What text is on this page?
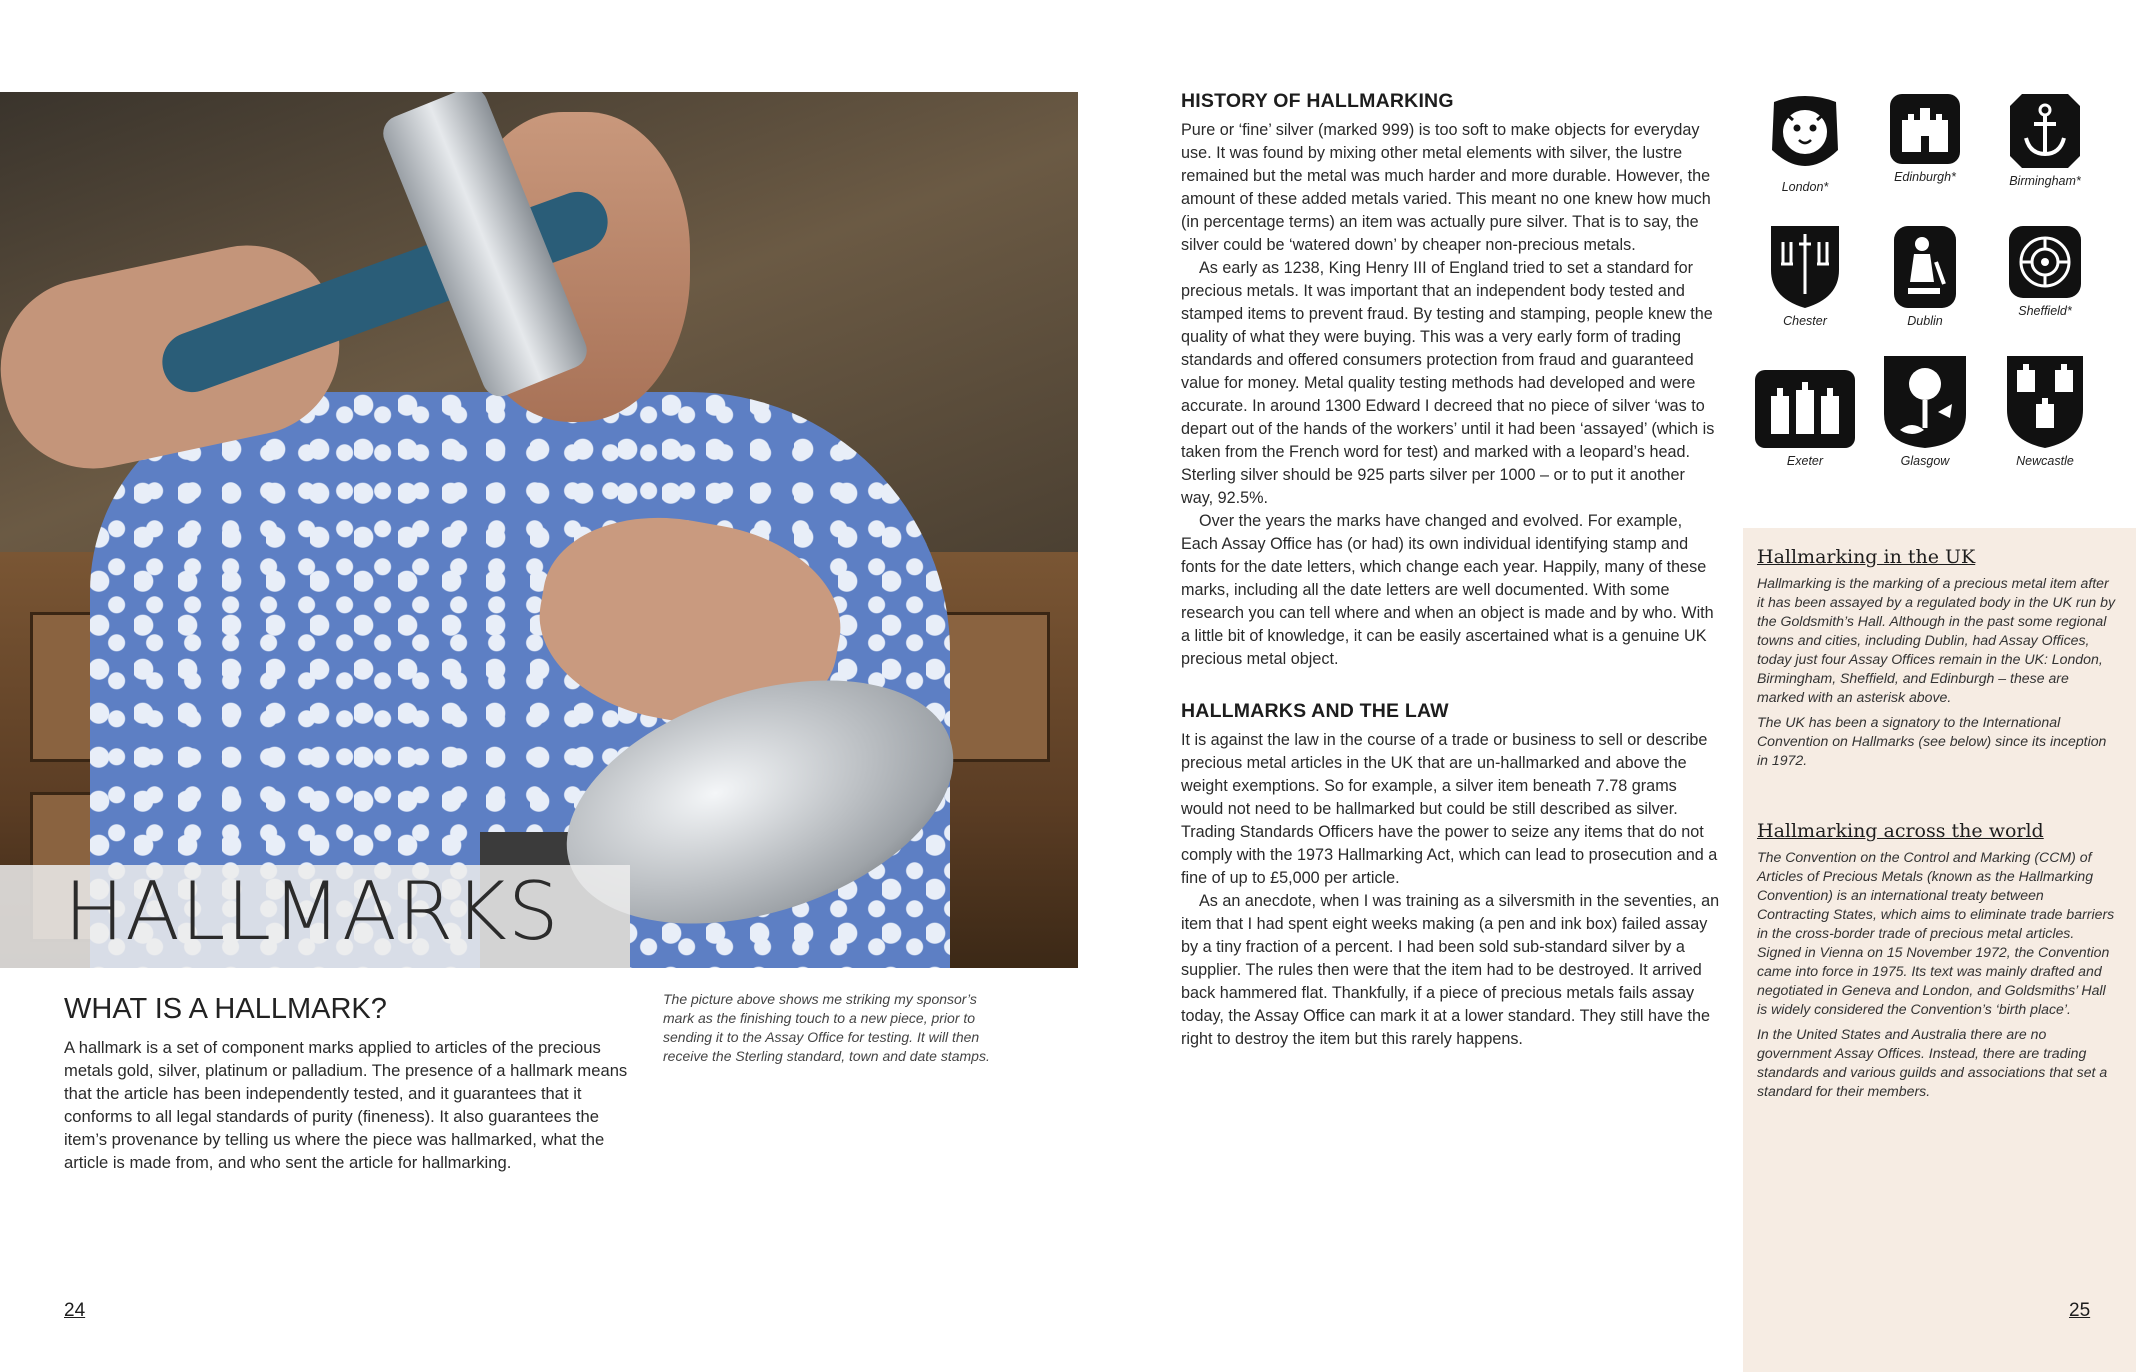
HALLMARKS
WHAT IS A HALLMARK?

A hallmark is a set of component marks applied to articles of the precious metals gold, silver, platinum or palladium. The presence of a hallmark means that the article has been independently tested, and it guarantees that it conforms to all legal standards of purity (fineness). It also guarantees the item’s provenance by telling us where the piece was hallmarked, what the article is made from, and who sent the article for hallmarking.

The picture above shows me striking my sponsor’s mark as the finishing touch to a new piece, prior to sending it to the Assay Office for testing. It will then receive the Sterling standard, town and date stamps.

24
HISTORY OF HALLMARKING

Pure or ‘fine’ silver (marked 999) is too soft to make objects for everyday use. It was found by mixing other metal elements with silver, the lustre remained but the metal was much harder and more durable. However, the amount of these added metals varied. This meant no one knew how much (in percentage terms) an item was actually pure silver. That is to say, the silver could be ‘watered down’ by cheaper non-precious metals.

As early as 1238, King Henry III of England tried to set a standard for precious metals. It was important that an independent body tested and stamped items to prevent fraud. By testing and stamping, people knew the quality of what they were buying. This was a very early form of trading standards and offered consumers protection from fraud and guaranteed value for money. Metal quality testing methods had developed and were accurate. In around 1300 Edward I decreed that no piece of silver ‘was to depart out of the hands of the workers’ until it had been ‘assayed’ (which is taken from the French word for test) and marked with a leopard’s head. Sterling silver should be 925 parts silver per 1000 – or to put it another way, 92.5%.

Over the years the marks have changed and evolved. For example, Each Assay Office has (or had) its own individual identifying stamp and fonts for the date letters, which change each year. Happily, many of these marks, including all the date letters are well documented. With some research you can tell where and when an object is made and by who. With a little bit of knowledge, it can be easily ascertained what is a genuine UK precious metal object.

HALLMARKS AND THE LAW

It is against the law in the course of a trade or business to sell or describe precious metal articles in the UK that are un-hallmarked and above the weight exemptions. So for example, a silver item beneath 7.78 grams would not need to be hallmarked but could be still described as silver. Trading Standards Officers have the power to seize any items that do not comply with the 1973 Hallmarking Act, which can lead to prosecution and a fine of up to £5,000 per article.

As an anecdote, when I was training as a silversmith in the seventies, an item that I had spent eight weeks making (a pen and ink box) failed assay by a tiny fraction of a percent. I had been sold sub-standard silver by a supplier. The rules then were that the item had to be destroyed. It arrived back hammered flat. Thankfully, if a piece of precious metals fails assay today, the Assay Office can mark it at a lower standard. They still have the right to destroy the item but this rarely happens.

London*
Edinburgh*	Birmingham*
Chester	Dublin
Sheffield*
Exeter	Glasgow	Newcastle
Hallmarking in the UK

Hallmarking is the marking of a precious metal item after it has been assayed by a regulated body in the UK run by the Goldsmith’s Hall. Although in the past some regional towns and cities, including Dublin, had Assay Offices, today just four Assay Offices remain in the UK: London, Birmingham, Sheffield, and Edinburgh – these are marked with an asterisk above.

The UK has been a signatory to the International Convention on Hallmarks (see below) since its inception in 1972.

Hallmarking across the world

The Convention on the Control and Marking (CCM) of Articles of Precious Metals (known as the Hallmarking Convention) is an international treaty between Contracting States, which aims to eliminate trade barriers in the cross-border trade of precious metal articles. Signed in Vienna on 15 November 1972, the Convention came into force in 1975. Its text was mainly drafted and negotiated in Geneva and London, and Goldsmiths’ Hall is widely considered the Convention’s ‘birth place’.

In the United States and Australia there are no government Assay Offices. Instead, there are trading standards and various guilds and associations that set a standard for their members.

25
